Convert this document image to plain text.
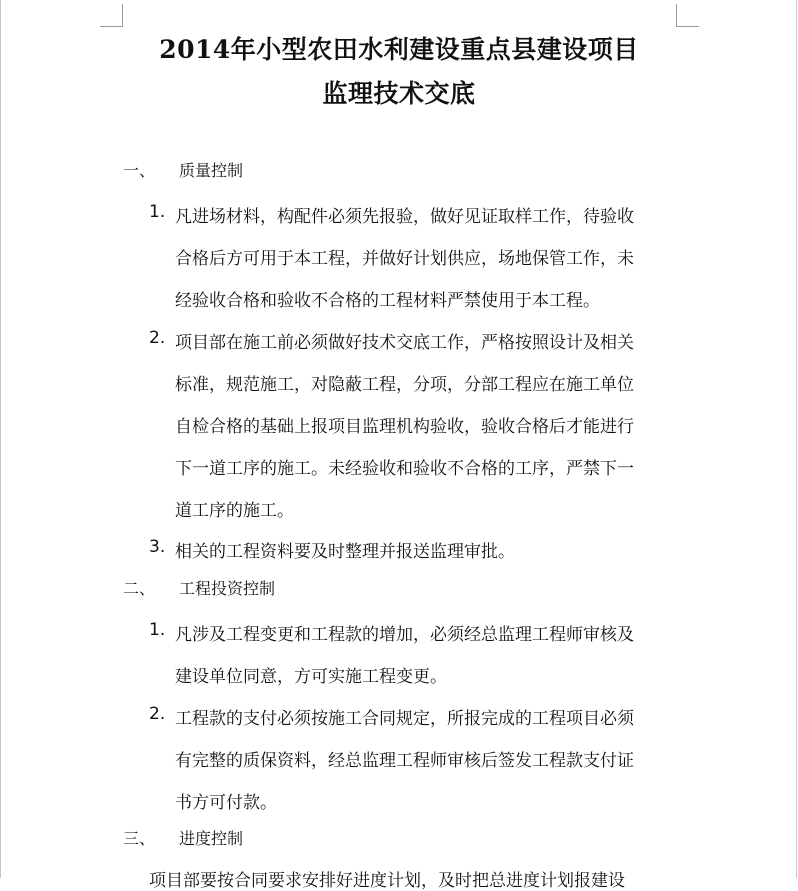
2014年小型农田水利建设重点县建设项目
监理技术交底
一、 质量控制
1. 凡进场材料，构配件必须先报验，做好见证取样工作，待验收
合格后方可用于本工程，并做好计划供应，场地保管工作，未
经验收合格和验收不合格的工程材料严禁使用于本工程。
2. 项目部在施工前必须做好技术交底工作，严格按照设计及相关
标准，规范施工，对隐蔽工程，分项，分部工程应在施工单位
自检合格的基础上报项目监理机构验收，验收合格后才能进行
下一道工序的施工。未经验收和验收不合格的工序，严禁下一
道工序的施工。
3. 相关的工程资料要及时整理并报送监理审批。
二、 工程投资控制
1. 凡涉及工程变更和工程款的增加，必须经总监理工程师审核及
建设单位同意，方可实施工程变更。
2. 工程款的支付必须按施工合同规定，所报完成的工程项目必须
有完整的质保资料，经总监理工程师审核后签发工程款支付证
书方可付款。
三、 进度控制
项目部要按合同要求安排好进度计划，及时把总进度计划报建设
